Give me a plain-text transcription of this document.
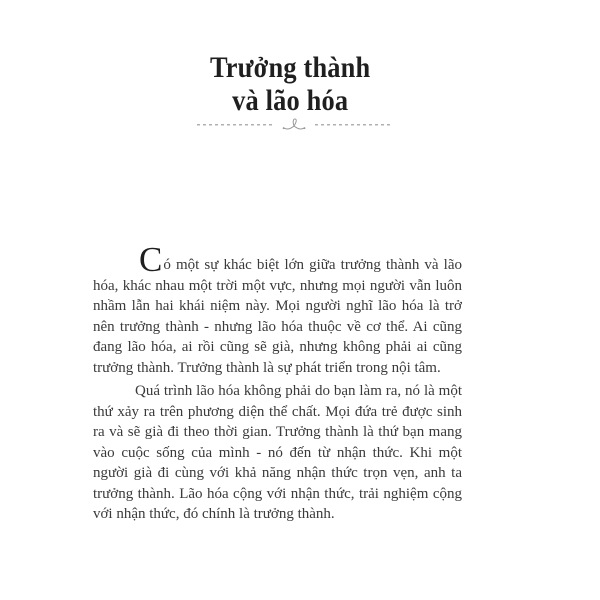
Trưởng thành
và lão hóa

Có một sự khác biệt lớn giữa trưởng thành và lão hóa, khác nhau một trời một vực, nhưng mọi người vẫn luôn nhầm lẫn hai khái niệm này. Mọi người nghĩ lão hóa là trở nên trưởng thành - nhưng lão hóa thuộc về cơ thể. Ai cũng đang lão hóa, ai rồi cũng sẽ già, nhưng không phải ai cũng trưởng thành. Trưởng thành là sự phát triển trong nội tâm.

Quá trình lão hóa không phải do bạn làm ra, nó là một thứ xảy ra trên phương diện thể chất. Mọi đứa trẻ được sinh ra và sẽ già đi theo thời gian. Trưởng thành là thứ bạn mang vào cuộc sống của mình - nó đến từ nhận thức. Khi một người già đi cùng với khả năng nhận thức trọn vẹn, anh ta trưởng thành. Lão hóa cộng với nhận thức, trải nghiệm cộng với nhận thức, đó chính là trưởng thành.
